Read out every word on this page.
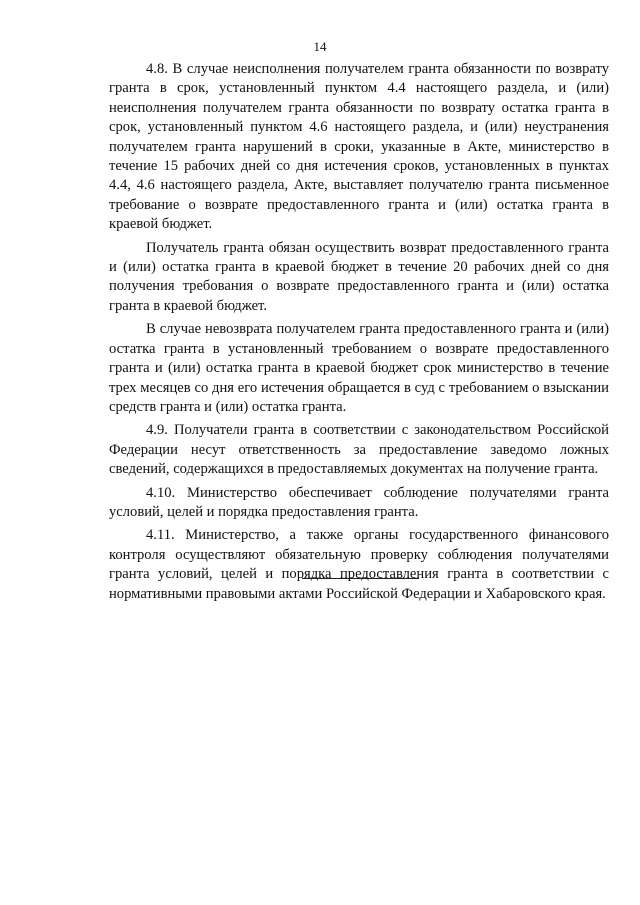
14

4.8. В случае неисполнения получателем гранта обязанности по возврату гранта в срок, установленный пунктом 4.4 настоящего раздела, и (или) неисполнения получателем гранта обязанности по возврату остатка гранта в срок, установленный пунктом 4.6 настоящего раздела, и (или) неустранения получателем гранта нарушений в сроки, указанные в Акте, министерство в течение 15 рабочих дней со дня истечения сроков, установленных в пунктах 4.4, 4.6 настоящего раздела, Акте, выставляет получателю гранта письменное требование о возврате предоставленного гранта и (или) остатка гранта в краевой бюджет.

Получатель гранта обязан осуществить возврат предоставленного гранта и (или) остатка гранта в краевой бюджет в течение 20 рабочих дней со дня получения требования о возврате предоставленного гранта и (или) остатка гранта в краевой бюджет.

В случае невозврата получателем гранта предоставленного гранта и (или) остатка гранта в установленный требованием о возврате предоставленного гранта и (или) остатка гранта в краевой бюджет срок министерство в течение трех месяцев со дня его истечения обращается в суд с требованием о взыскании средств гранта и (или) остатка гранта.

4.9. Получатели гранта в соответствии с законодательством Российской Федерации несут ответственность за предоставление заведомо ложных сведений, содержащихся в предоставляемых документах на получение гранта.

4.10. Министерство обеспечивает соблюдение получателями гранта условий, целей и порядка предоставления гранта.

4.11. Министерство, а также органы государственного финансового контроля осуществляют обязательную проверку соблюдения получателями гранта условий, целей и порядка предоставления гранта в соответствии с нормативными правовыми актами Российской Федерации и Хабаровского края.
